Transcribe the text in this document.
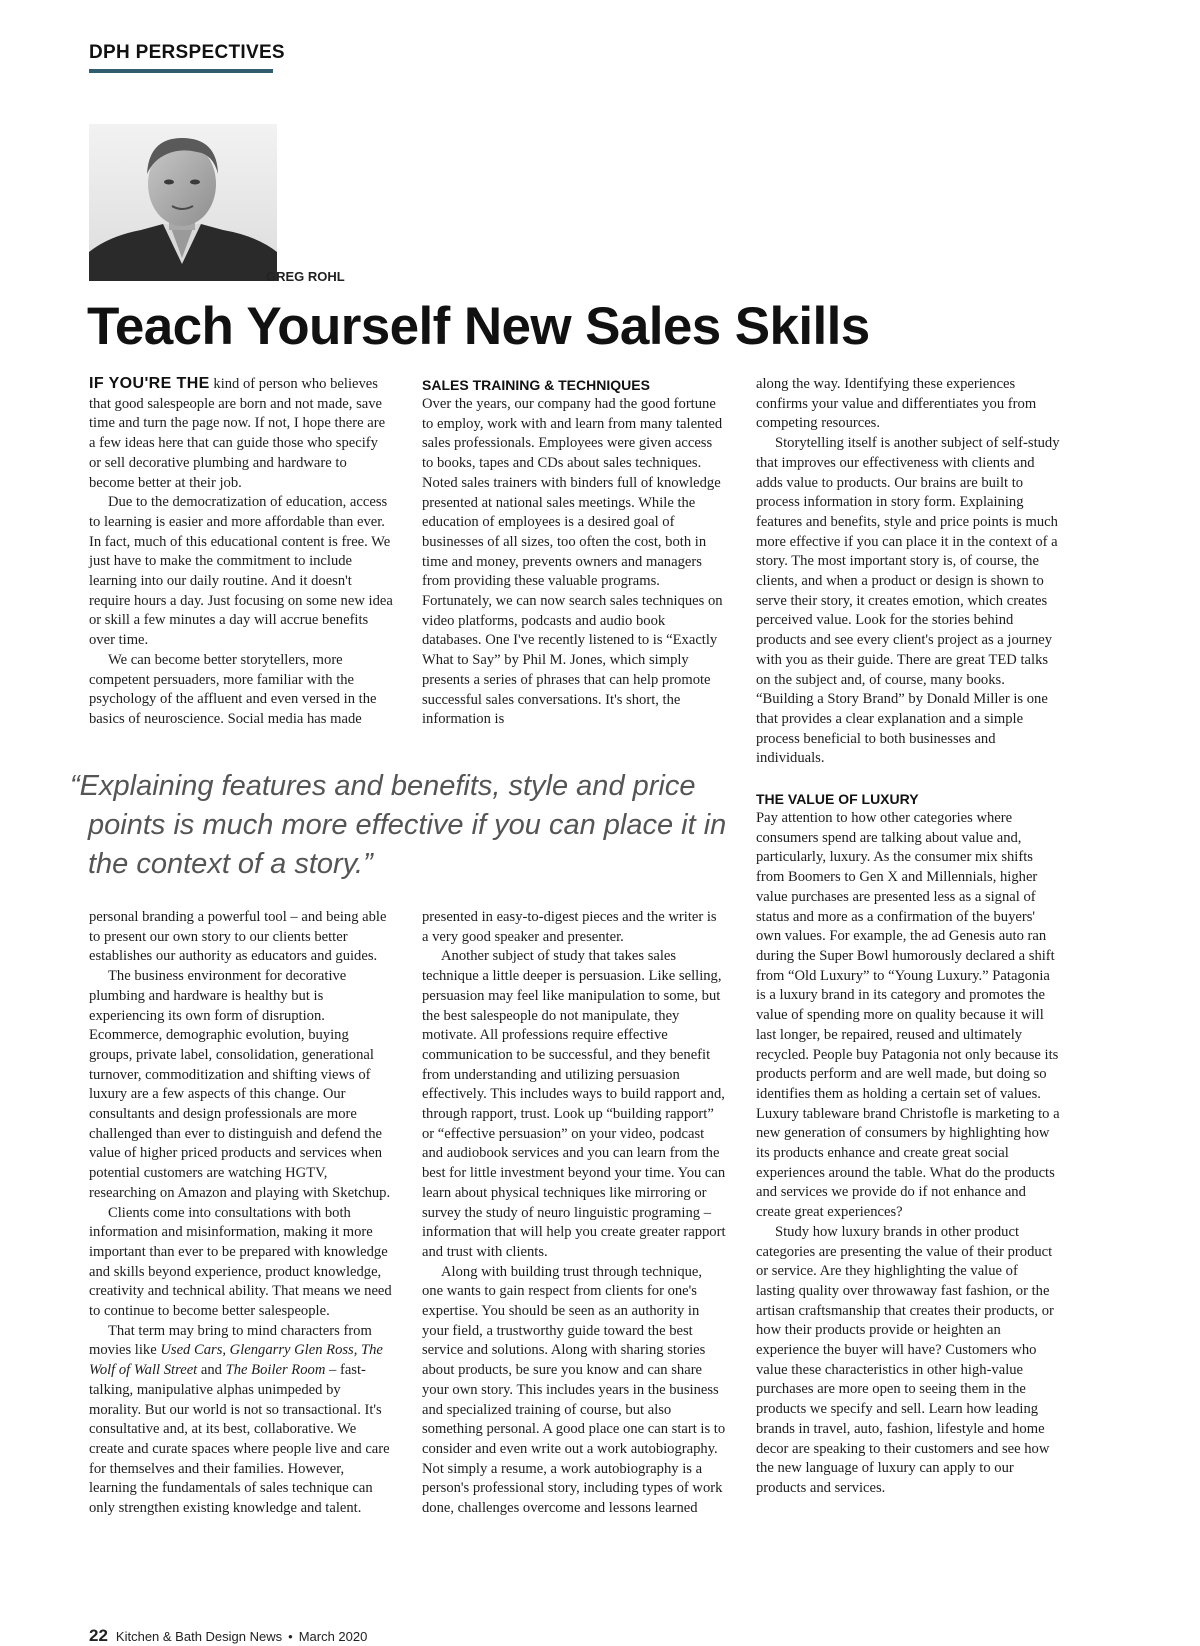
DPH PERSPECTIVES
GREG ROHL
Teach Yourself New Sales Skills

IF YOU'RE THE kind of person who believes that good salespeople are born and not made, save time and turn the page now. If not, I hope there are a few ideas here that can guide those who specify or sell decorative plumbing and hardware to become better at their job.

Due to the democratization of education, access to learning is easier and more affordable than ever. In fact, much of this educational content is free. We just have to make the commitment to include learning into our daily routine. And it doesn't require hours a day. Just focusing on some new idea or skill a few minutes a day will accrue benefits over time.

We can become better storytellers, more competent persuaders, more familiar with the psychology of the affluent and even versed in the basics of neuroscience. Social media has made

SALES TRAINING & TECHNIQUES

Over the years, our company had the good fortune to employ, work with and learn from many talented sales professionals. Employees were given access to books, tapes and CDs about sales techniques. Noted sales trainers with binders full of knowledge presented at national sales meetings. While the education of employees is a desired goal of businesses of all sizes, too often the cost, both in time and money, prevents owners and managers from providing these valuable programs. Fortunately, we can now search sales techniques on video platforms, podcasts and audio book databases. One I've recently listened to is “Exactly What to Say” by Phil M. Jones, which simply presents a series of phrases that can help promote successful sales conversations. It's short, the information is

along the way. Identifying these experiences confirms your value and differentiates you from competing resources.

Storytelling itself is another subject of self-study that improves our effectiveness with clients and adds value to products. Our brains are built to process information in story form. Explaining features and benefits, style and price points is much more effective if you can place it in the context of a story. The most important story is, of course, the clients, and when a product or design is shown to serve their story, it creates emotion, which creates perceived value. Look for the stories behind products and see every client's project as a journey with you as their guide. There are great TED talks on the subject and, of course, many books. “Building a Story Brand” by Donald Miller is one that provides a clear explanation and a simple process beneficial to both businesses and individuals.

THE VALUE OF LUXURY

Pay attention to how other categories where consumers spend are talking about value and, particularly, luxury. As the consumer mix shifts from Boomers to Gen X and Millennials, higher value purchases are presented less as a signal of status and more as a confirmation of the buyers' own values. For example, the ad Genesis auto ran during the Super Bowl humorously declared a shift from “Old Luxury” to “Young Luxury.” Patagonia is a luxury brand in its category and promotes the value of spending more on quality because it will last longer, be repaired, reused and ultimately recycled. People buy Patagonia not only because its products perform and are well made, but doing so identifies them as holding a certain set of values. Luxury tableware brand Christofle is marketing to a new generation of consumers by highlighting how its products enhance and create great social experiences around the table. What do the products and services we provide do if not enhance and create great experiences?

Study how luxury brands in other product categories are presenting the value of their product or service. Are they highlighting the value of lasting quality over throwaway fast fashion, or the artisan craftsmanship that creates their products, or how their products provide or heighten an experience the buyer will have? Customers who value these characteristics in other high-value purchases are more open to seeing them in the products we specify and sell. Learn how leading brands in travel, auto, fashion, lifestyle and home decor are speaking to their customers and see how the new language of luxury can apply to our products and services.

“Explaining features and benefits, style and price points is much more effective if you can place it in the context of a story.”

personal branding a powerful tool – and being able to present our own story to our clients better establishes our authority as educators and guides.

The business environment for decorative plumbing and hardware is healthy but is experiencing its own form of disruption. Ecommerce, demographic evolution, buying groups, private label, consolidation, generational turnover, commoditization and shifting views of luxury are a few aspects of this change. Our consultants and design professionals are more challenged than ever to distinguish and defend the value of higher priced products and services when potential customers are watching HGTV, researching on Amazon and playing with Sketchup.

Clients come into consultations with both information and misinformation, making it more important than ever to be prepared with knowledge and skills beyond experience, product knowledge, creativity and technical ability. That means we need to continue to become better salespeople.

That term may bring to mind characters from movies like Used Cars, Glengarry Glen Ross, The Wolf of Wall Street and The Boiler Room – fast-talking, manipulative alphas unimpeded by morality. But our world is not so transactional. It's consultative and, at its best, collaborative. We create and curate spaces where people live and care for themselves and their families. However, learning the fundamentals of sales technique can only strengthen existing knowledge and talent.

presented in easy-to-digest pieces and the writer is a very good speaker and presenter.

Another subject of study that takes sales technique a little deeper is persuasion. Like selling, persuasion may feel like manipulation to some, but the best salespeople do not manipulate, they motivate. All professions require effective communication to be successful, and they benefit from understanding and utilizing persuasion effectively. This includes ways to build rapport and, through rapport, trust. Look up “building rapport” or “effective persuasion” on your video, podcast and audiobook services and you can learn from the best for little investment beyond your time. You can learn about physical techniques like mirroring or survey the study of neuro linguistic programing – information that will help you create greater rapport and trust with clients.

Along with building trust through technique, one wants to gain respect from clients for one's expertise. You should be seen as an authority in your field, a trustworthy guide toward the best service and solutions. Along with sharing stories about products, be sure you know and can share your own story. This includes years in the business and specialized training of course, but also something personal. A good place one can start is to consider and even write out a work autobiography. Not simply a resume, a work autobiography is a person's professional story, including types of work done, challenges overcome and lessons learned

22 Kitchen & Bath Design News • March 2020
